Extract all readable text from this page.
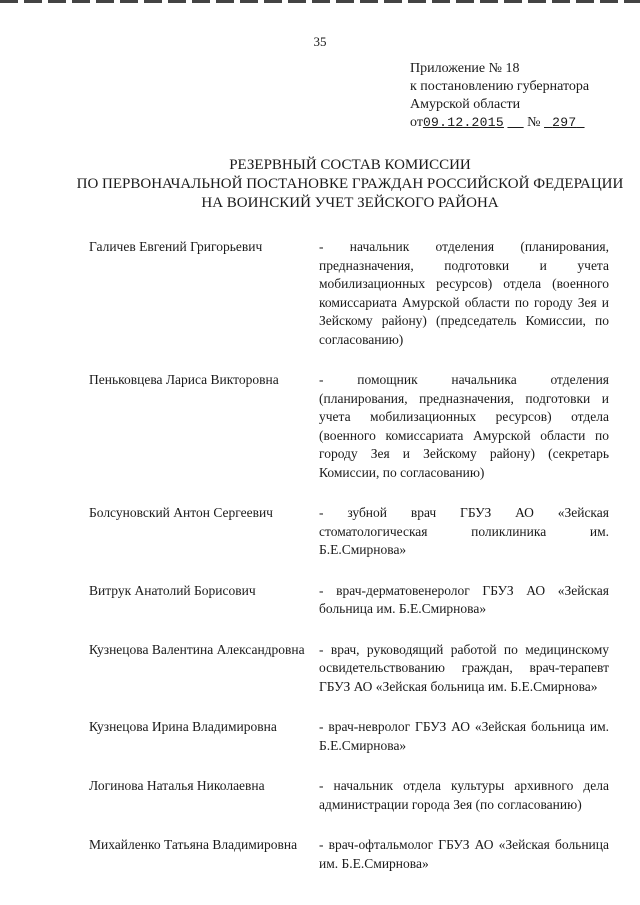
35
Приложение № 18
к постановлению губернатора
Амурской области
от09.12.2015 № 297
РЕЗЕРВНЫЙ СОСТАВ КОМИССИИ
ПО ПЕРВОНАЧАЛЬНОЙ ПОСТАНОВКЕ ГРАЖДАН РОССИЙСКОЙ ФЕДЕРАЦИИ
НА ВОИНСКИЙ УЧЕТ ЗЕЙСКОГО РАЙОНА
Галичев Евгений Григорьевич	- начальник отделения (планирования, предназначения, подготовки и учета мобилизационных ресурсов) отдела (военного комиссариата Амурской области по городу Зея и Зейскому району) (председатель Комиссии, по согласованию)
Пеньковцева Лариса Викторовна	- помощник начальника отделения (планирования, предназначения, подготовки и учета мобилизационных ресурсов) отдела (военного комиссариата Амурской области по городу Зея и Зейскому району) (секретарь Комиссии, по согласованию)
Болсуновский Антон Сергеевич	- зубной врач ГБУЗ АО «Зейская стоматологическая поликлиника им. Б.Е.Смирнова»
Витрук Анатолий Борисович	- врач-дерматовенеролог ГБУЗ АО «Зейская больница им. Б.Е.Смирнова»
Кузнецова Валентина Александровна	- врач, руководящий работой по медицинскому освидетельствованию граждан, врач-терапевт ГБУЗ АО «Зейская больница им. Б.Е.Смирнова»
Кузнецова Ирина Владимировна	- врач-невролог ГБУЗ АО «Зейская больница им. Б.Е.Смирнова»
Логинова Наталья Николаевна	- начальник отдела культуры архивного дела администрации города Зея (по согласованию)
Михайленко Татьяна Владимировна	- врач-офтальмолог ГБУЗ АО «Зейская больница им. Б.Е.Смирнова»
